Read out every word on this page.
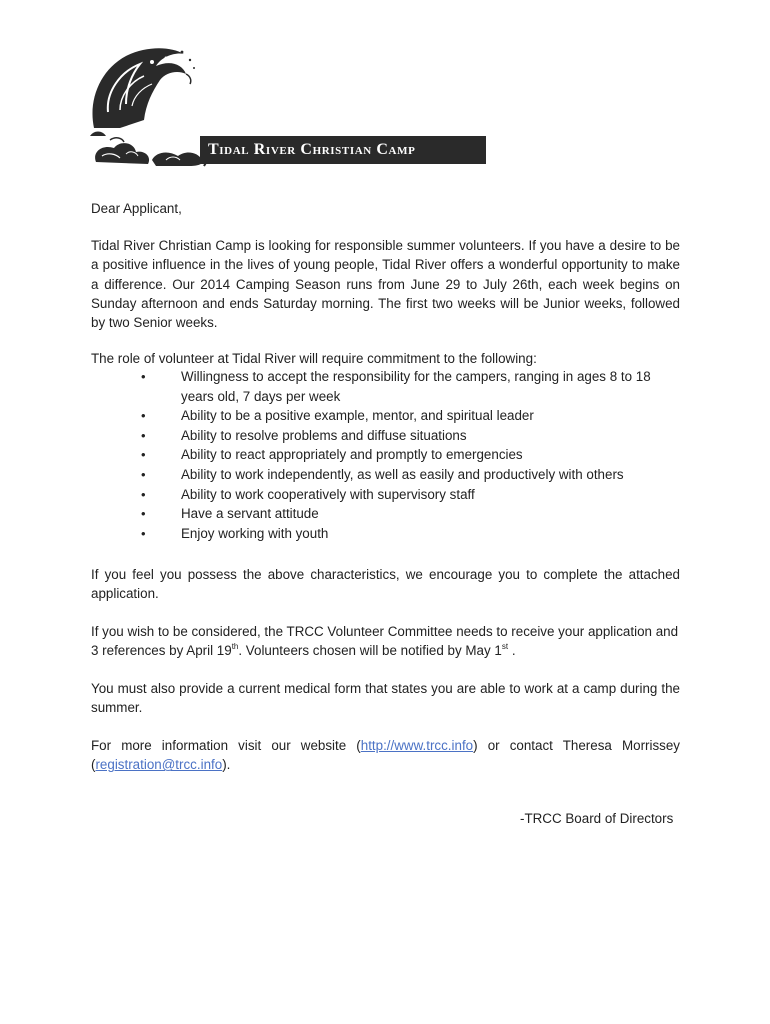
Tidal River Christian Camp

Dear Applicant,

Tidal River Christian Camp is looking for responsible summer volunteers. If you have a desire to be a positive influence in the lives of young people, Tidal River offers a wonderful opportunity to make a difference. Our 2014 Camping Season runs from June 29 to July 26th, each week begins on Sunday afternoon and ends Saturday morning. The first two weeks will be Junior weeks, followed by two Senior weeks.

The role of volunteer at Tidal River will require commitment to the following:

•	Willingness to accept the responsibility for the campers, ranging in ages 8 to 18 years old, 7 days per week
•	Ability to be a positive example, mentor, and spiritual leader
•	Ability to resolve problems and diffuse situations
•	Ability to react appropriately and promptly to emergencies
•	Ability to work independently, as well as easily and productively with others
•	Ability to work cooperatively with supervisory staff
•	Have a servant attitude
•	Enjoy working with youth

If you feel you possess the above characteristics, we encourage you to complete the attached application.

If you wish to be considered, the TRCC Volunteer Committee needs to receive your application and 3 references by April 19th. Volunteers chosen will be notified by May 1st .

You must also provide a current medical form that states you are able to work at a camp during the summer.

For more information visit our website (http://www.trcc.info) or contact Theresa Morrissey (registration@trcc.info).

-TRCC Board of Directors
